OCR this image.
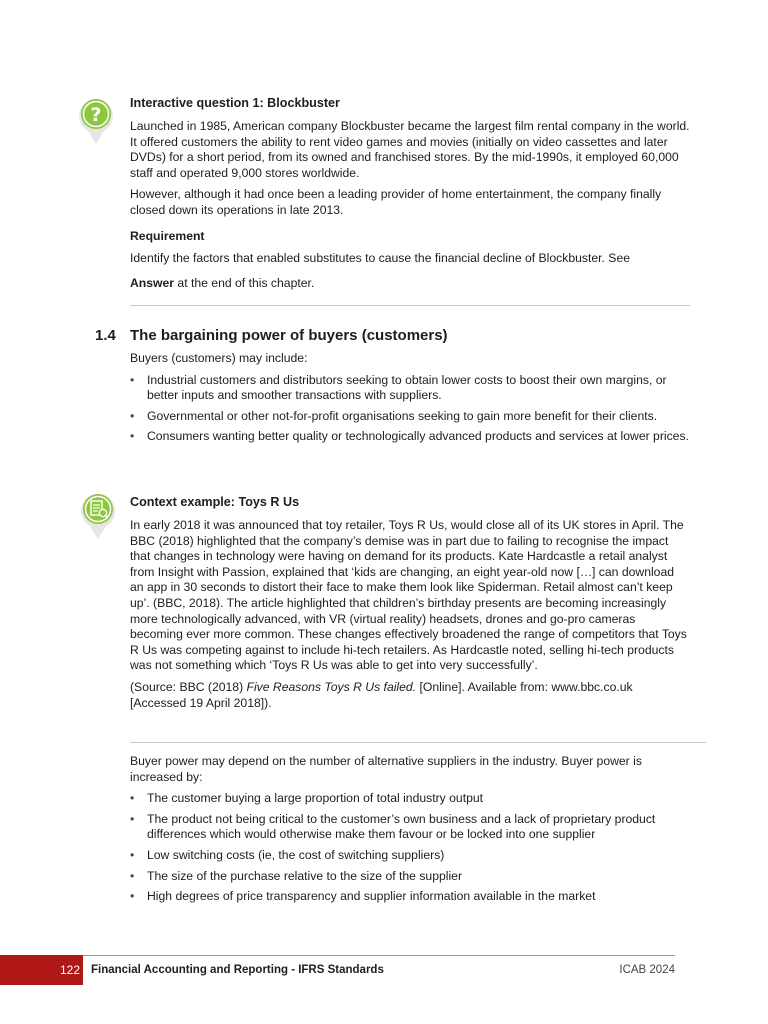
?

Interactive question 1: Blockbuster

Launched in 1985, American company Blockbuster became the largest film rental company in the world. It offered customers the ability to rent video games and movies (initially on video cassettes and later DVDs) for a short period, from its owned and franchised stores. By the mid-1990s, it employed 60,000 staff and operated 9,000 stores worldwide.

However, although it had once been a leading provider of home entertainment, the company finally closed down its operations in late 2013.

Requirement

Identify the factors that enabled substitutes to cause the financial decline of Blockbuster. See

Answer at the end of this chapter.

1.4 The bargaining power of buyers (customers)

Buyers (customers) may include:

• Industrial customers and distributors seeking to obtain lower costs to boost their own margins, or better inputs and smoother transactions with suppliers.
• Governmental or other not-for-profit organisations seeking to gain more benefit for their clients.
• Consumers wanting better quality or technologically advanced products and services at lower prices.

Context example: Toys R Us

In early 2018 it was announced that toy retailer, Toys R Us, would close all of its UK stores in April. The BBC (2018) highlighted that the company’s demise was in part due to failing to recognise the impact that changes in technology were having on demand for its products. Kate Hardcastle a retail analyst from Insight with Passion, explained that ‘kids are changing, an eight year-old now […] can download an app in 30 seconds to distort their face to make them look like Spiderman. Retail almost can’t keep up’. (BBC, 2018). The article highlighted that children’s birthday presents are becoming increasingly more technologically advanced, with VR (virtual reality) headsets, drones and go-pro cameras becoming ever more common. These changes effectively broadened the range of competitors that Toys R Us was competing against to include hi-tech retailers. As Hardcastle noted, selling hi-tech products was not something which ‘Toys R Us was able to get into very successfully’.

(Source: BBC (2018) Five Reasons Toys R Us failed. [Online]. Available from: www.bbc.co.uk [Accessed 19 April 2018]).

Buyer power may depend on the number of alternative suppliers in the industry. Buyer power is increased by:

• The customer buying a large proportion of total industry output
• The product not being critical to the customer’s own business and a lack of proprietary product differences which would otherwise make them favour or be locked into one supplier
• Low switching costs (ie, the cost of switching suppliers)
• The size of the purchase relative to the size of the supplier
• High degrees of price transparency and supplier information available in the market
122 Financial Accounting and Reporting - IFRS Standards	ICAB 2024
